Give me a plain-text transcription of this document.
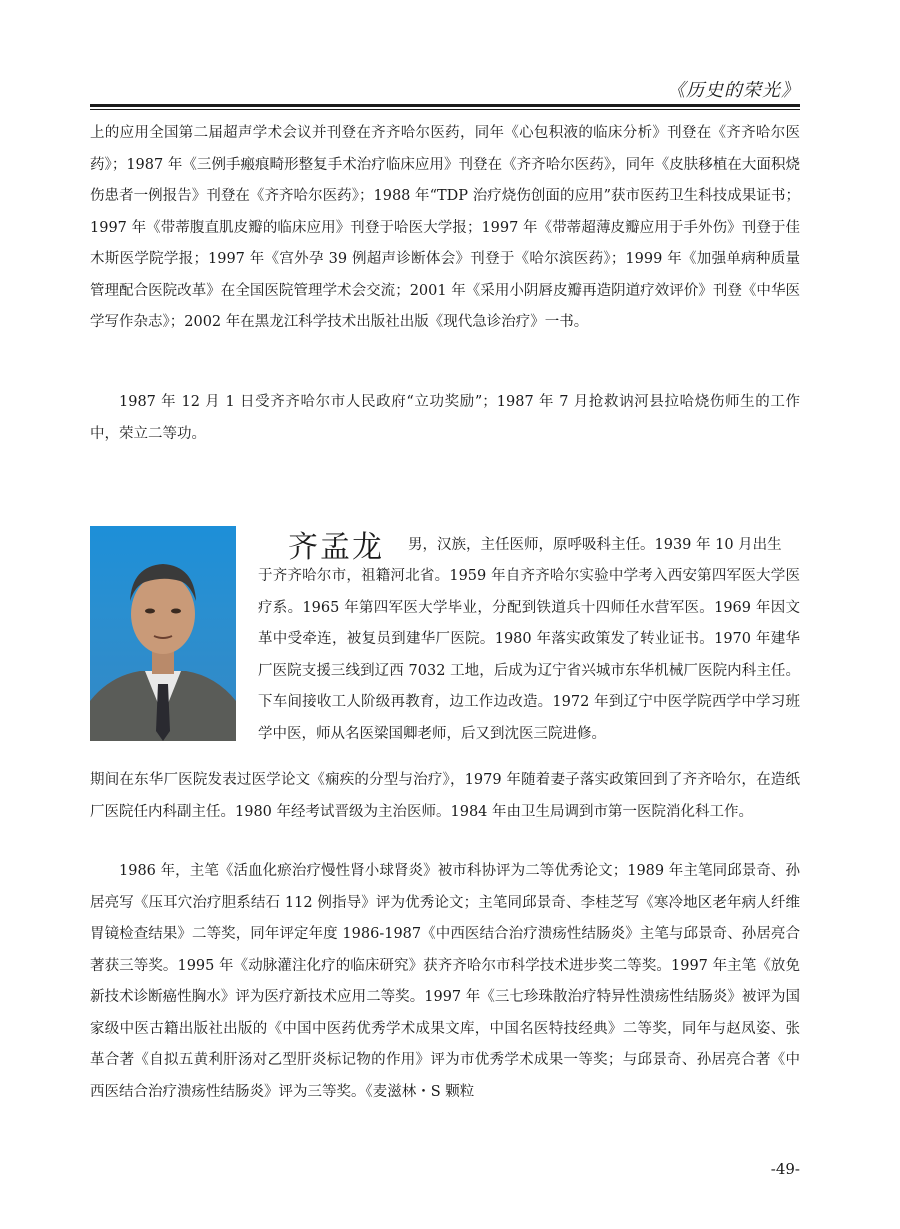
《历史的荣光》

上的应用全国第二届超声学术会议并刊登在齐齐哈尔医药，同年《心包积液的临床分析》刊登在《齐齐哈尔医药》；1987 年《三例手瘢痕畸形整复手术治疗临床应用》刊登在《齐齐哈尔医药》，同年《皮肤移植在大面积烧伤患者一例报告》刊登在《齐齐哈尔医药》；1988 年“TDP 治疗烧伤创面的应用”获市医药卫生科技成果证书；1997 年《带蒂腹直肌皮瓣的临床应用》刊登于哈医大学报；1997 年《带蒂超薄皮瓣应用于手外伤》刊登于佳木斯医学院学报；1997 年《宫外孕 39 例超声诊断体会》刊登于《哈尔滨医药》；1999 年《加强单病种质量管理配合医院改革》在全国医院管理学术会交流；2001 年《采用小阴唇皮瓣再造阴道疗效评价》刊登《中华医学写作杂志》；2002 年在黑龙江科学技术出版社出版《现代急诊治疗》一书。

1987 年 12 月 1 日受齐齐哈尔市人民政府“立功奖励”；1987 年 7 月抢救讷河县拉哈烧伤师生的工作中，荣立二等功。

齐孟龙 男，汉族，主任医师，原呼吸科主任。1939 年 10 月出生

于齐齐哈尔市，祖籍河北省。1959 年自齐齐哈尔实验中学考入西安第四军医大学医疗系。1965 年第四军医大学毕业，分配到铁道兵十四师任水营军医。1969 年因文革中受牵连，被复员到建华厂医院。1980 年落实政策发了转业证书。1970 年建华厂医院支援三线到辽西 7032 工地，后成为辽宁省兴城市东华机械厂医院内科主任。下车间接收工人阶级再教育，边工作边改造。1972 年到辽宁中医学院西学中学习班学中医，师从名医梁国卿老师，后又到沈医三院进修。

期间在东华厂医院发表过医学论文《痫疾的分型与治疗》，1979 年随着妻子落实政策回到了齐齐哈尔，在造纸厂医院任内科副主任。1980 年经考试晋级为主治医师。1984 年由卫生局调到市第一医院消化科工作。

1986 年，主笔《活血化瘀治疗慢性肾小球肾炎》被市科协评为二等优秀论文；1989 年主笔同邱景奇、孙居亮写《压耳穴治疗胆系结石 112 例指导》评为优秀论文；主笔同邱景奇、李桂芝写《寒冷地区老年病人纤维胃镜检查结果》二等奖，同年评定年度 1986-1987《中西医结合治疗溃疡性结肠炎》主笔与邱景奇、孙居亮合著获三等奖。1995 年《动脉灌注化疗的临床研究》获齐齐哈尔市科学技术进步奖二等奖。1997 年主笔《放免新技术诊断癌性胸水》评为医疗新技术应用二等奖。1997 年《三七珍珠散治疗特异性溃疡性结肠炎》被评为国家级中医古籍出版社出版的《中国中医药优秀学术成果文库，中国名医特技经典》二等奖，同年与赵凤姿、张革合著《自拟五黄利肝汤对乙型肝炎标记物的作用》评为市优秀学术成果一等奖；与邱景奇、孙居亮合著《中西医结合治疗溃疡性结肠炎》评为三等奖。《麦滋林・S 颗粒

-49-
